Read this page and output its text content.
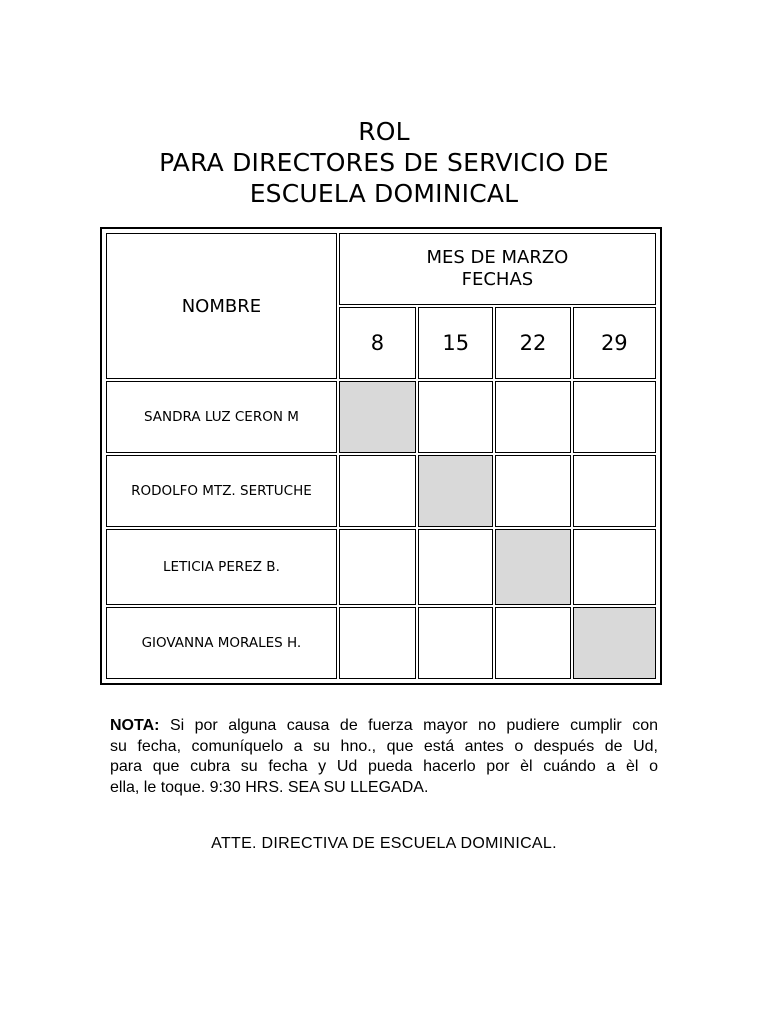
ROL
PARA DIRECTORES DE SERVICIO DE
ESCUELA DOMINICAL
NOMBRE	MES DE MARZO
FECHAS			

	8	15	22	29
SANDRA LUZ CERON M				
RODOLFO MTZ. SERTUCHE				
LETICIA PEREZ B.				
GIOVANNA MORALES H.				
NOTA: Si por alguna causa de fuerza mayor no pudiere cumplir con
su fecha, comuníquelo a su hno., que está antes o después de Ud,
para que cubra su fecha y Ud pueda hacerlo por èl cuándo a èl o
ella, le toque. 9:30 HRS. SEA SU LLEGADA.
ATTE. DIRECTIVA DE ESCUELA DOMINICAL.
